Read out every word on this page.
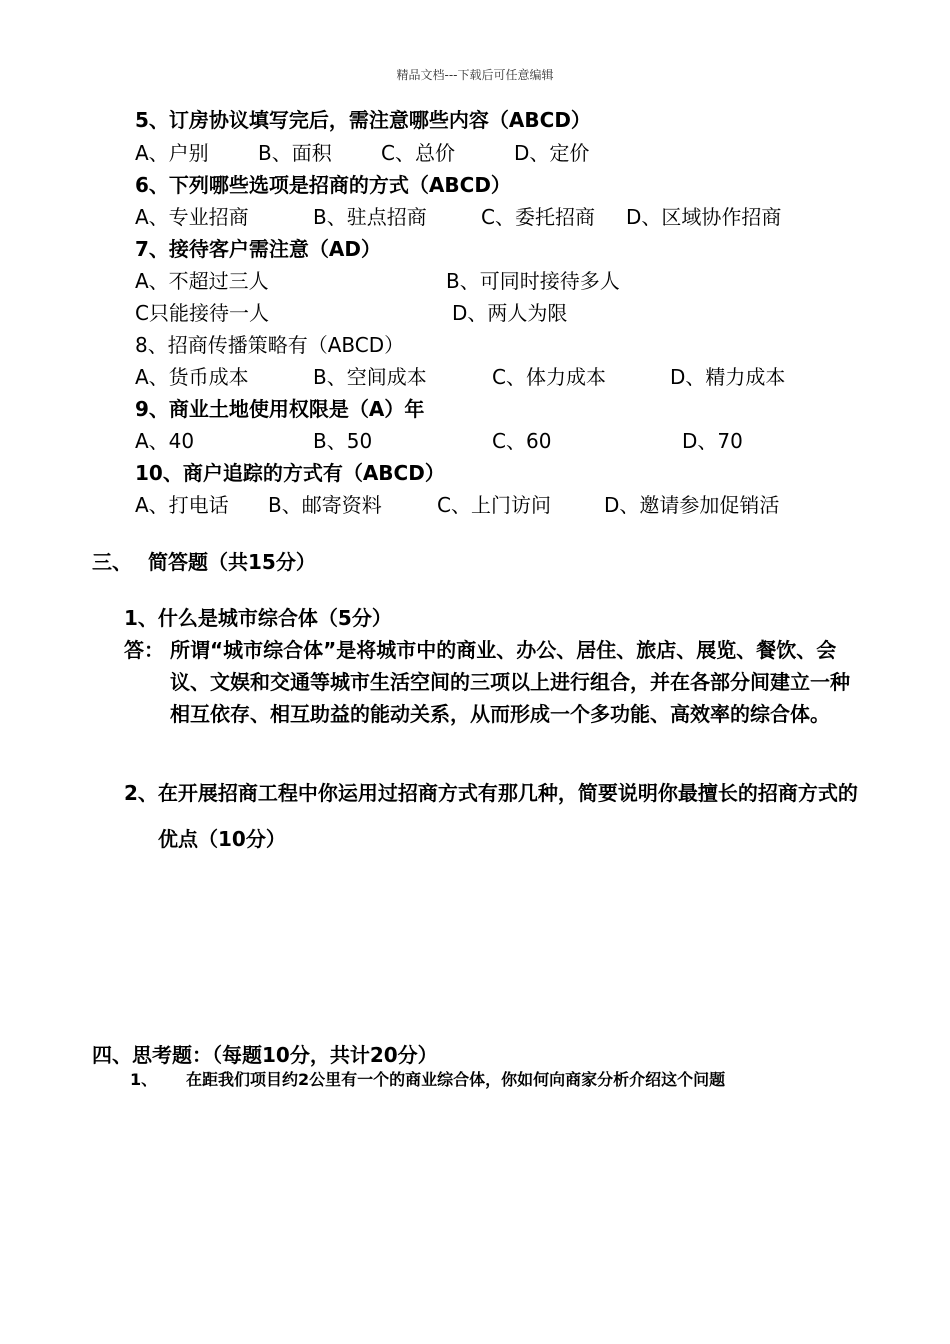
精品文档---下载后可任意编辑
5、订房协议填写完后，需注意哪些内容（ABCD）
A、户别 B、面积 C、总价	D、定价
6、下列哪些选项是招商的方式（ABCD）
A、专业招商	B、驻点招商	C、委托招商 D、区域协作招商
7、接待客户需注意（AD）
A、不超过三人	B、可同时接待多人
C只能接待一人	D、两人为限
8、招商传播策略有（ABCD）
A、货币成本	B、空间成本	C、体力成本	D、精力成本
9、商业土地使用权限是（A）年
A、40	B、50	C、60	D、70
10、商户追踪的方式有（ABCD）
A、打电话 B、邮寄资料	C、上门访问	D、邀请参加促销活
三、 简答题（共15分）
1、什么是城市综合体（5分）
答： 所谓“城市综合体”是将城市中的商业、办公、居住、旅店、展览、餐饮、会议、文娱和交通等城市生活空间的三项以上进行组合，并在各部分间建立一种相互依存、相互助益的能动关系，从而形成一个多功能、高效率的综合体。
2、在开展招商工程中你运用过招商方式有那几种，简要说明你最擅长的招商方式的优点（10分）
四、思考题：（每题10分，共计20分）
1、 在距我们项目约2公里有一个的商业综合体，你如何向商家分析介绍这个问题
